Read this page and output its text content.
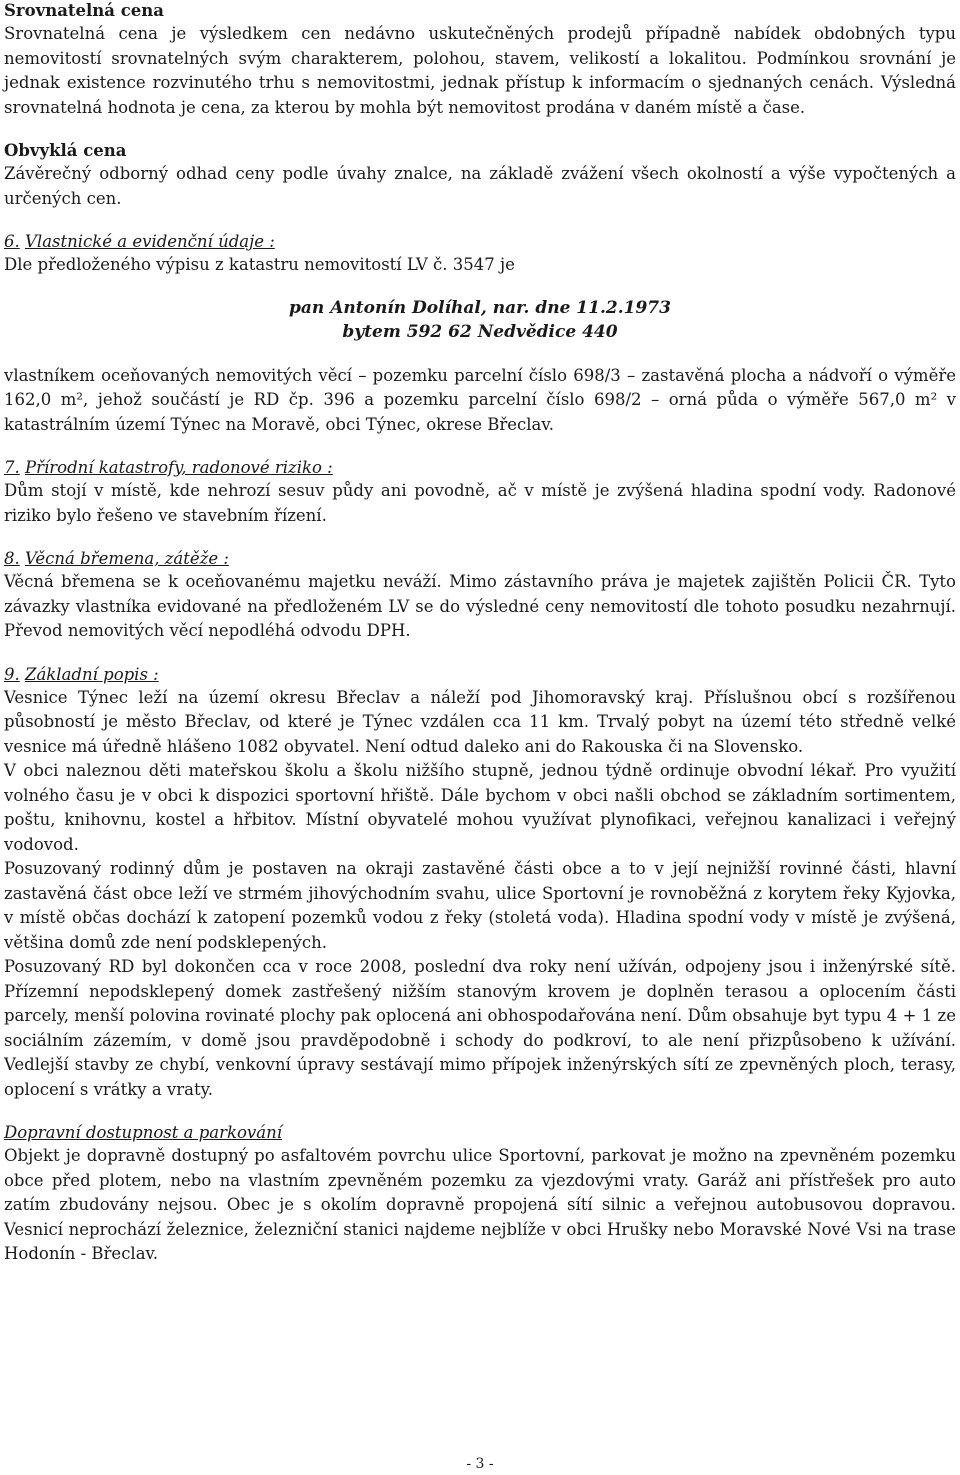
Srovnatelná cena

Srovnatelná cena je výsledkem cen nedávno uskutečněných prodejů případně nabídek obdobných typu nemovitostí srovnatelných svým charakterem, polohou, stavem, velikostí a lokalitou. Podmínkou srovnání je jednak existence rozvinutého trhu s nemovitostmi, jednak přístup k informacím o sjednaných cenách. Výsledná srovnatelná hodnota je cena, za kterou by mohla být nemovitost prodána v daném místě a čase.

Obvyklá cena

Závěrečný odborný odhad ceny podle úvahy znalce, na základě zvážení všech okolností a výše vypočtených a určených cen.

6. Vlastnické a evidenční údaje :

Dle předloženého výpisu z katastru nemovitostí LV č. 3547 je

pan Antonín Dolíhal, nar. dne 11.2.1973

bytem 592 62 Nedvědice 440

vlastníkem oceňovaných nemovitých věcí – pozemku parcelní číslo 698/3 – zastavěná plocha a nádvoří o výměře 162,0 m², jehož součástí je RD čp. 396 a pozemku parcelní číslo 698/2 – orná půda o výměře 567,0 m² v katastrálním území Týnec na Moravě, obci Týnec, okrese Břeclav.

7. Přírodní katastrofy, radonové riziko :

Dům stojí v místě, kde nehrozí sesuv půdy ani povodně, ač v místě je zvýšená hladina spodní vody. Radonové riziko bylo řešeno ve stavebním řízení.

8. Věcná břemena, zátěže :

Věcná břemena se k oceňovanému majetku neváží. Mimo zástavního práva je majetek zajištěn Policii ČR. Tyto závazky vlastníka evidované na předloženém LV se do výsledné ceny nemovitostí dle tohoto posudku nezahrnují. Převod nemovitých věcí nepodléhá odvodu DPH.

9. Základní popis :

Vesnice Týnec leží na území okresu Břeclav a náleží pod Jihomoravský kraj. Příslušnou obcí s rozšířenou působností je město Břeclav, od které je Týnec vzdálen cca 11 km. Trvalý pobyt na území této středně velké vesnice má úředně hlášeno 1082 obyvatel. Není odtud daleko ani do Rakouska či na Slovensko.

V obci naleznou děti mateřskou školu a školu nižšího stupně, jednou týdně ordinuje obvodní lékař. Pro využití volného času je v obci k dispozici sportovní hřiště. Dále bychom v obci našli obchod se základním sortimentem, poštu, knihovnu, kostel a hřbitov. Místní obyvatelé mohou využívat plynofikaci, veřejnou kanalizaci i veřejný vodovod.

Posuzovaný rodinný dům je postaven na okraji zastavěné části obce a to v její nejnižší rovinné části, hlavní zastavěná část obce leží ve strmém jihovýchodním svahu, ulice Sportovní je rovnoběžná z korytem řeky Kyjovka, v místě občas dochází k zatopení pozemků vodou z řeky (stoletá voda). Hladina spodní vody v místě je zvýšená, většina domů zde není podsklepených.

Posuzovaný RD byl dokončen cca v roce 2008, poslední dva roky není užíván, odpojeny jsou i inženýrské sítě. Přízemní nepodsklepený domek zastřešený nižším stanovým krovem je doplněn terasou a oplocením části parcely, menší polovina rovinaté plochy pak oplocená ani obhospodařována není. Dům obsahuje byt typu 4 + 1 ze sociálním zázemím, v domě jsou pravděpodobně i schody do podkroví, to ale není přizpůsobeno k užívání. Vedlejší stavby ze chybí, venkovní úpravy sestávají mimo přípojek inženýrských sítí ze zpevněných ploch, terasy, oplocení s vrátky a vraty.

Dopravní dostupnost a parkování

Objekt je dopravně dostupný po asfaltovém povrchu ulice Sportovní, parkovat je možno na zpevněném pozemku obce před plotem, nebo na vlastním zpevněném pozemku za vjezdovými vraty. Garáž ani přístřešek pro auto zatím zbudovány nejsou. Obec je s okolím dopravně propojená sítí silnic a veřejnou autobusovou dopravou. Vesnicí neprochází železnice, železniční stanici najdeme nejblíže v obci Hrušky nebo Moravské Nové Vsi na trase Hodonín - Břeclav.

- 3 -
